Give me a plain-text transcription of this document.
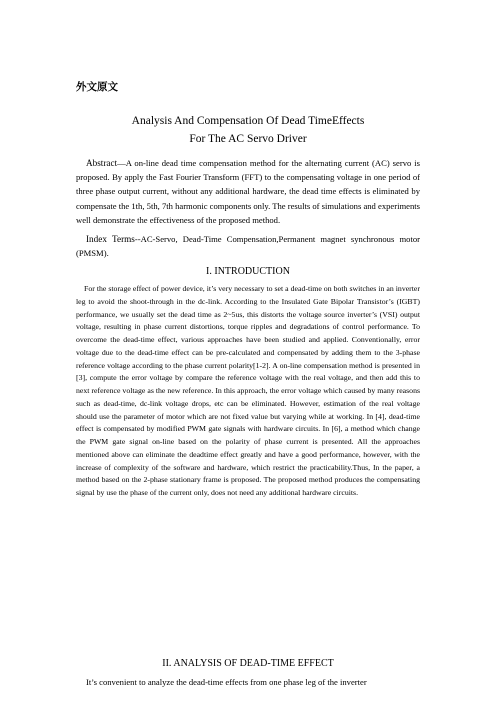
外文原文

Analysis And Compensation Of Dead TimeEffects

For The AC Servo Driver

Abstract—A on-line dead time compensation method for the alternating current (AC) servo is proposed. By apply the Fast Fourier Transform (FFT) to the compensating voltage in one period of three phase output current, without any additional hardware, the dead time effects is eliminated by compensate the 1th, 5th, 7th harmonic components only. The results of simulations and experiments well demonstrate the effectiveness of the proposed method.

Index Terms--AC-Servo, Dead-Time Compensation,Permanent magnet synchronous motor (PMSM).

I. INTRODUCTION

For the storage effect of power device, it’s very necessary to set a dead-time on both switches in an inverter leg to avoid the shoot-through in the dc-link. According to the Insulated Gate Bipolar Transistor’s (IGBT) performance, we usually set the dead time as 2~5us, this distorts the voltage source inverter’s (VSI) output voltage, resulting in phase current distortions, torque ripples and degradations of control performance. To overcome the dead-time effect, various approaches have been studied and applied. Conventionally, error voltage due to the dead-time effect can be pre-calculated and compensated by adding them to the 3-phase reference voltage according to the phase current polarity[1-2]. A on-line compensation method is presented in [3], compute the error voltage by compare the reference voltage with the real voltage, and then add this to next reference voltage as the new reference. In this approach, the error voltage which caused by many reasons such as dead-time, dc-link voltage drops, etc can be eliminated. However, estimation of the real voltage should use the parameter of motor which are not fixed value but varying while at working. In [4], dead-time effect is compensated by modified PWM gate signals with hardware circuits. In [6], a method which change the PWM gate signal on-line based on the polarity of phase current is presented. All the approaches mentioned above can eliminate the deadtime effect greatly and have a good performance, however, with the increase of complexity of the software and hardware, which restrict the practicability.Thus, In the paper, a method based on the 2-phase stationary frame is proposed. The proposed method produces the compensating signal by use the phase of the current only, does not need any additional hardware circuits.

II. ANALYSIS OF DEAD-TIME EFFECT

It’s convenient to analyze the dead-time effects from one phase leg of the inverter
